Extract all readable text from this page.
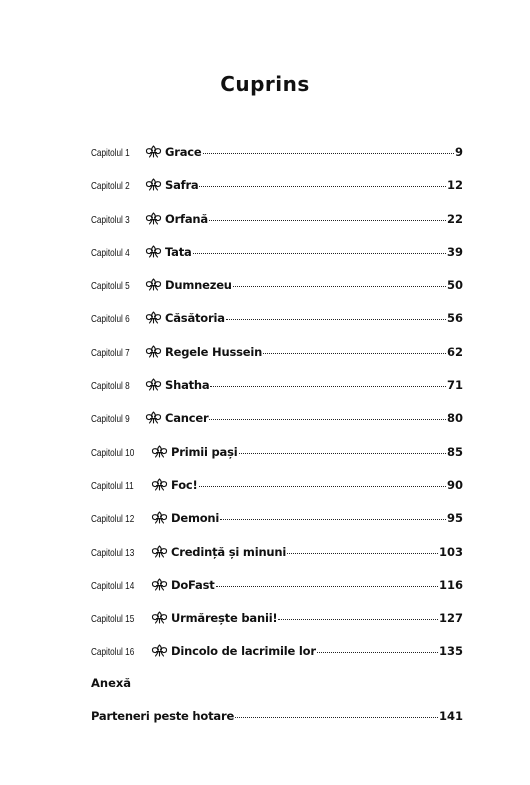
Cuprins
Capitolul 1	Grace	9
Capitolul 2	Safra	12
Capitolul 3	Orfană	22
Capitolul 4	Tata	39
Capitolul 5	Dumnezeu	50
Capitolul 6	Căsătoria	56
Capitolul 7	Regele Hussein	62
Capitolul 8	Shatha	71
Capitolul 9	Cancer	80
Capitolul 10	Primii pași	85
Capitolul 11	Foc!	90
Capitolul 12	Demoni	95
Capitolul 13	Credință și minuni	103
Capitolul 14	DoFast	116
Capitolul 15	Urmărește banii!	127
Capitolul 16	Dincolo de lacrimile lor	135
Anexă
Parteneri peste hotare	141
